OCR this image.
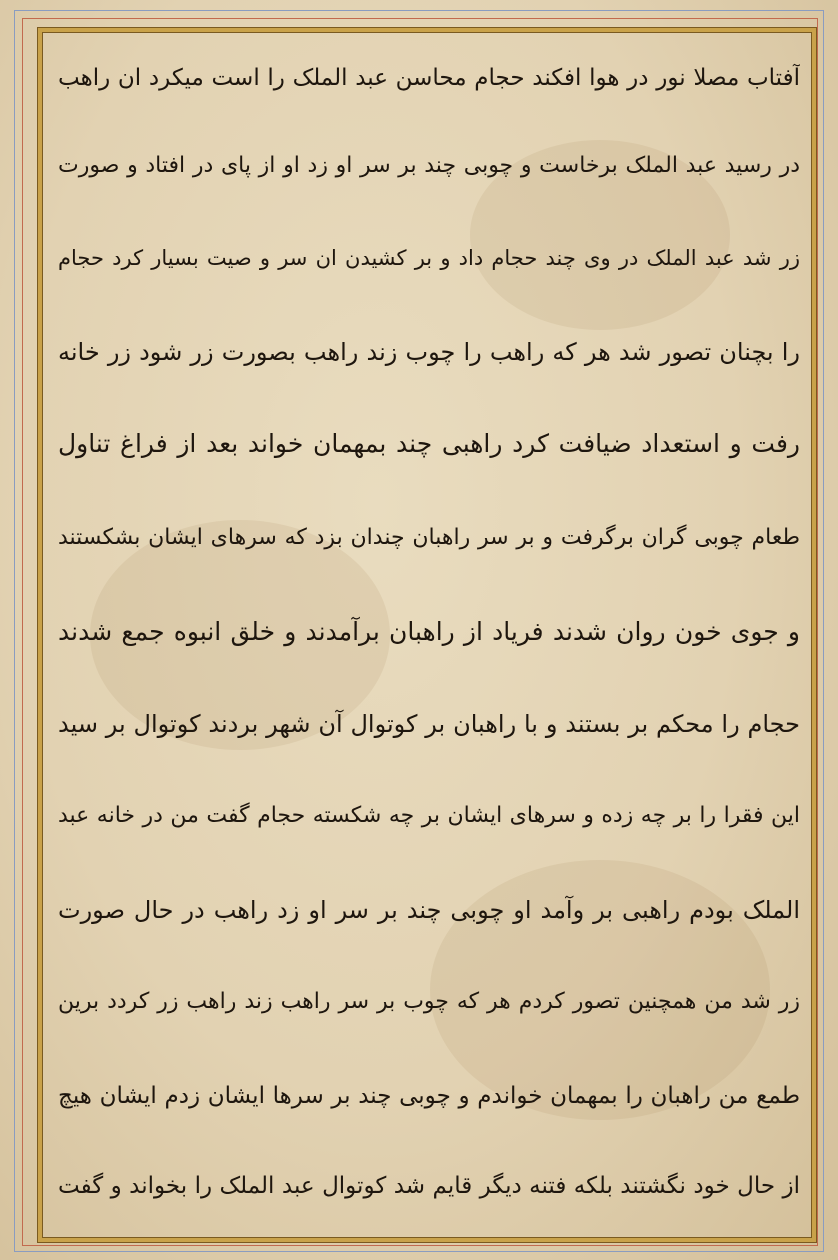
آفتاب مصلا نور در هوا افکند حجام محاسن عبد الملک را است میکرد ان راهب
در رسید عبد الملک برخاست و چوبی چند بر سر او زد او از پای در افتاد و صورت
زر شد عبد الملک در وی چند حجام داد و بر کشیدن ان سر و صیت بسیار کرد حجام
را بچنان تصور شد هر که راهب را چوب زند راهب بصورت زر شود زر خانه
رفت و استعداد ضیافت کرد راهبی چند بمهمان خواند بعد از فراغ تناول
طعام چوبی گران برگرفت و بر سر راهبان چندان بزد که سرهای ایشان بشکستند
و جوی خون روان شدند فریاد از راهبان برآمدند و خلق انبوه جمع شدند
حجام را محکم بر بستند و با راهبان بر کوتوال آن شهر بردند کوتوال بر سید
این فقرا را بر چه زده و سرهای ایشان بر چه شکسته حجام گفت من در خانه عبد
الملک بودم راهبی بر وآمد او چوبی چند بر سر او زد راهب در حال صورت
زر شد من همچنین تصور کردم هر که چوب بر سر راهب زند راهب زر کردد برین
طمع من راهبان را بمهمان خواندم و چوبی چند بر سرها ایشان زدم ایشان هیچ
از حال خود نگشتند بلکه فتنه دیگر قایم شد کوتوال عبد الملک را بخواند و گفت
